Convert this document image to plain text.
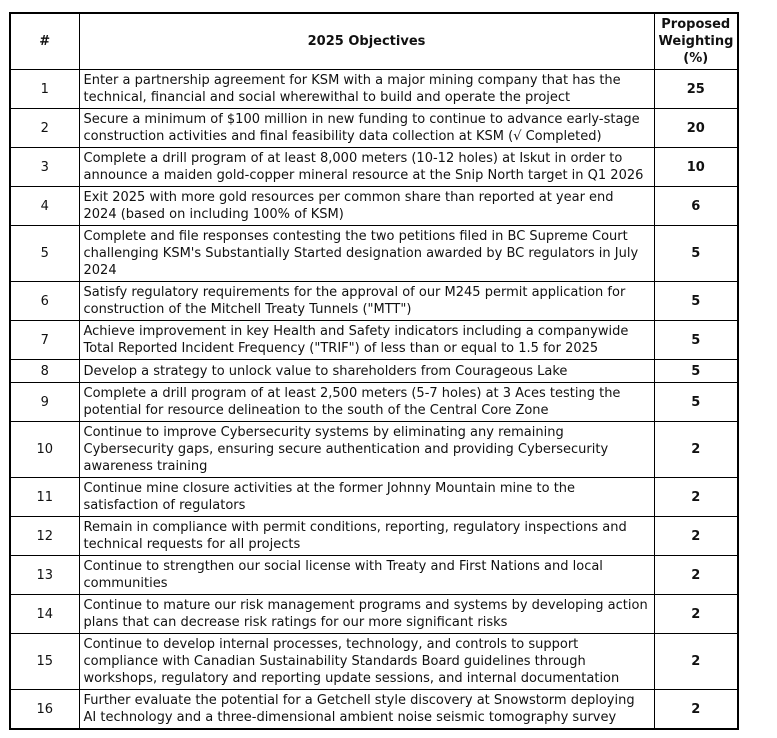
#	2025 Objectives	Proposed Weighting (%)
1	Enter a partnership agreement for KSM with a major mining company that has the technical, financial and social wherewithal to build and operate the project	25
2	Secure a minimum of $100 million in new funding to continue to advance early-stage construction activities and final feasibility data collection at KSM (√ Completed)	20
3	Complete a drill program of at least 8,000 meters (10-12 holes) at Iskut in order to announce a maiden gold-copper mineral resource at the Snip North target in Q1 2026	10
4	Exit 2025 with more gold resources per common share than reported at year end 2024 (based on including 100% of KSM)	6
5	Complete and file responses contesting the two petitions filed in BC Supreme Court challenging KSM's Substantially Started designation awarded by BC regulators in July 2024	5
6	Satisfy regulatory requirements for the approval of our M245 permit application for construction of the Mitchell Treaty Tunnels ("MTT")	5
7	Achieve improvement in key Health and Safety indicators including a companywide Total Reported Incident Frequency ("TRIF") of less than or equal to 1.5 for 2025	5
8	Develop a strategy to unlock value to shareholders from Courageous Lake	5
9	Complete a drill program of at least 2,500 meters (5-7 holes) at 3 Aces testing the potential for resource delineation to the south of the Central Core Zone	5
10	Continue to improve Cybersecurity systems by eliminating any remaining Cybersecurity gaps, ensuring secure authentication and providing Cybersecurity awareness training	2
11	Continue mine closure activities at the former Johnny Mountain mine to the satisfaction of regulators	2
12	Remain in compliance with permit conditions, reporting, regulatory inspections and technical requests for all projects	2
13	Continue to strengthen our social license with Treaty and First Nations and local communities	2
14	Continue to mature our risk management programs and systems by developing action plans that can decrease risk ratings for our more significant risks	2
15	Continue to develop internal processes, technology, and controls to support compliance with Canadian Sustainability Standards Board guidelines through workshops, regulatory and reporting update sessions, and internal documentation	2
16	Further evaluate the potential for a Getchell style discovery at Snowstorm deploying AI technology and a three-dimensional ambient noise seismic tomography survey	2
